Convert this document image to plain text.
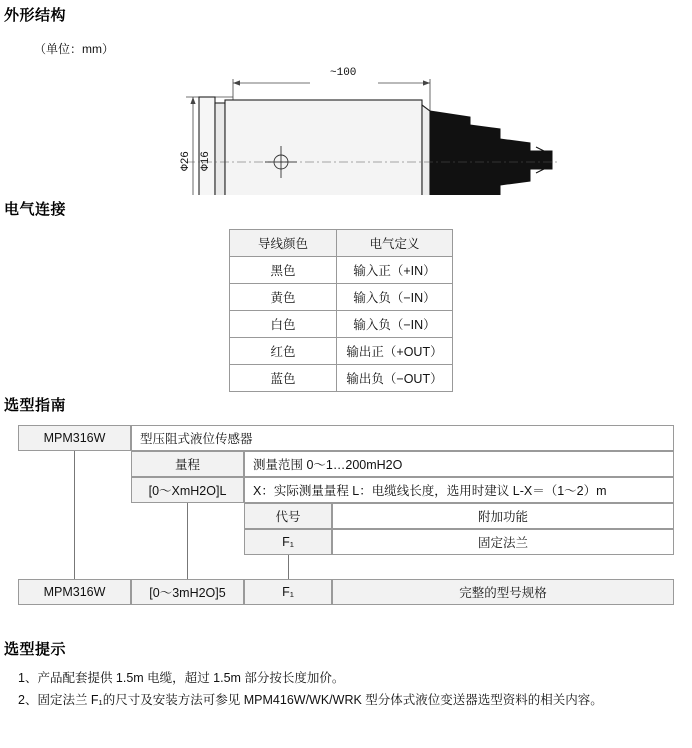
外形结构
（单位：mm）
~100
Φ26 Φ16
电气连接
导线颜色	电气定义
黑色	输入正（+IN）
黄色	输入负（−IN）
白色	输入负（−IN）
红色	输出正（+OUT）
蓝色	输出负（−OUT）
选型指南
MPM316W	型压阻式液位传感器
量程	测量范围 0～1…200mH2O
[0～XmH2O]L	X：实际测量量程 L：电缆线长度，选用时建议 L-X＝（1～2）m
代号	附加功能
F₁	固定法兰
MPM316W	[0～3mH2O]5	F₁	完整的型号规格
选型提示

1、产品配套提供 1.5m 电缆，超过 1.5m 部分按长度加价。

2、固定法兰 F₁的尺寸及安装方法可参见 MPM416W/WK/WRK 型分体式液位变送器选型资料的相关内容。
